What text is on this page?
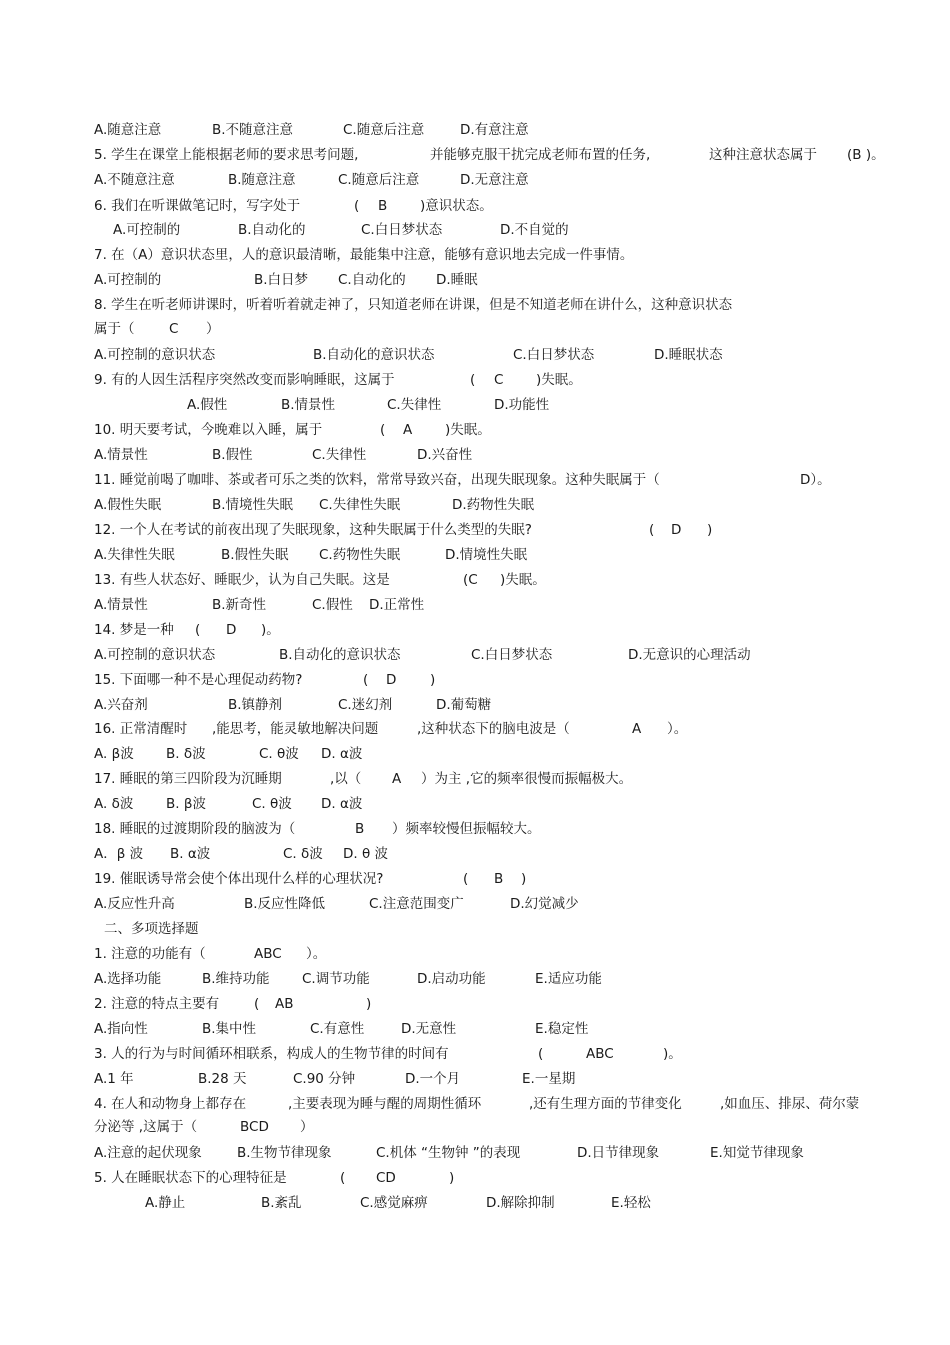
A.随意注意	B.不随意注意	C.随意后注意	D.有意注意
5. 学生在课堂上能根据老师的要求思考问题,	并能够克服干扰完成老师布置的任务,	这种注意状态属于 (B )。
A.不随意注意	B.随意注意	C.随意后注意	D.无意注意
6. 我们在听课做笔记时，写字处于	( B )意识状态。
A.可控制的	B.自动化的	C.白日梦状态	D.不自觉的
7. 在（A）意识状态里，人的意识最清晰，最能集中注意，能够有意识地去完成一件事情。
A.可控制的	B.白日梦 C.自动化的 D.睡眠
8. 学生在听老师讲课时，听着听着就走神了，只知道老师在讲课，但是不知道老师在讲什么，这种意识状态
属于（	C ）
A.可控制的意识状态	B.自动化的意识状态	C.白日梦状态	D.睡眠状态
9. 有的人因生活程序突然改变而影响睡眠，这属于	( C )失眠。
A.假性	B.情景性	C.失律性	D.功能性
10. 明天要考试，今晚难以入睡，属于	( A )失眠。
A.情景性	B.假性	C.失律性	D.兴奋性
11. 睡觉前喝了咖啡、茶或者可乐之类的饮料，常常导致兴奋，出现失眠现象。这种失眠属于（	D）。
A.假性失眠	B.情境性失眠 C.失律性失眠	D.药物性失眠
12. 一个人在考试的前夜出现了失眠现象，这种失眠属于什么类型的失眠?	( D )
A.失律性失眠	B.假性失眠 C.药物性失眠	D.情境性失眠
13. 有些人状态好、睡眠少，认为自己失眠。这是	(C )失眠。
A.情景性	B.新奇性	C.假性 D.正常性
14. 梦是一种 ( D )。
A.可控制的意识状态	B.自动化的意识状态	C.白日梦状态	D.无意识的心理活动
15. 下面哪一种不是心理促动药物?	( D )
A.兴奋剂	B.镇静剂	C.迷幻剂	D.葡萄糖
16. 正常清醒时 ,能思考，能灵敏地解决问题	,这种状态下的脑电波是（	A ）。
A. β波 B. δ波	C. θ波 D. α波
17. 睡眠的第三四阶段为沉睡期	,以（ A ）为主 ,它的频率很慢而振幅极大。
A. δ波 B. β波	C. θ波 D. α波
18. 睡眠的过渡期阶段的脑波为（	B ）频率较慢但振幅较大。
A．β 波 B. α波	C. δ波 D. θ 波
19. 催眠诱导常会使个体出现什么样的心理状况?	( B )
A.反应性升高	B.反应性降低	C.注意范围变广	D.幻觉减少
二、多项选择题
1. 注意的功能有（	ABC ）。
A.选择功能	B.维持功能 C.调节功能	D.启动功能	E.适应功能
2. 注意的特点主要有	( AB	)
A.指向性	B.集中性	C.有意性	D.无意性	E.稳定性
3. 人的行为与时间循环相联系，构成人的生物节律的时间有	(	ABC	)。
A.1 年	B.28 天	C.90 分钟	D.一个月	E.一星期
4. 在人和动物身上都存在	,主要表现为睡与醒的周期性循环	,还有生理方面的节律变化	,如血压、排尿、荷尔蒙
分泌等 ,这属于（	BCD ）
A.注意的起伏现象	B.生物节律现象	C.机体 “生物钟 ”的表现	D.日节律现象	E.知觉节律现象
5. 人在睡眠状态下的心理特征是	( CD	)
A.静止	B.紊乱	C.感觉麻痹	D.解除抑制	E.轻松
